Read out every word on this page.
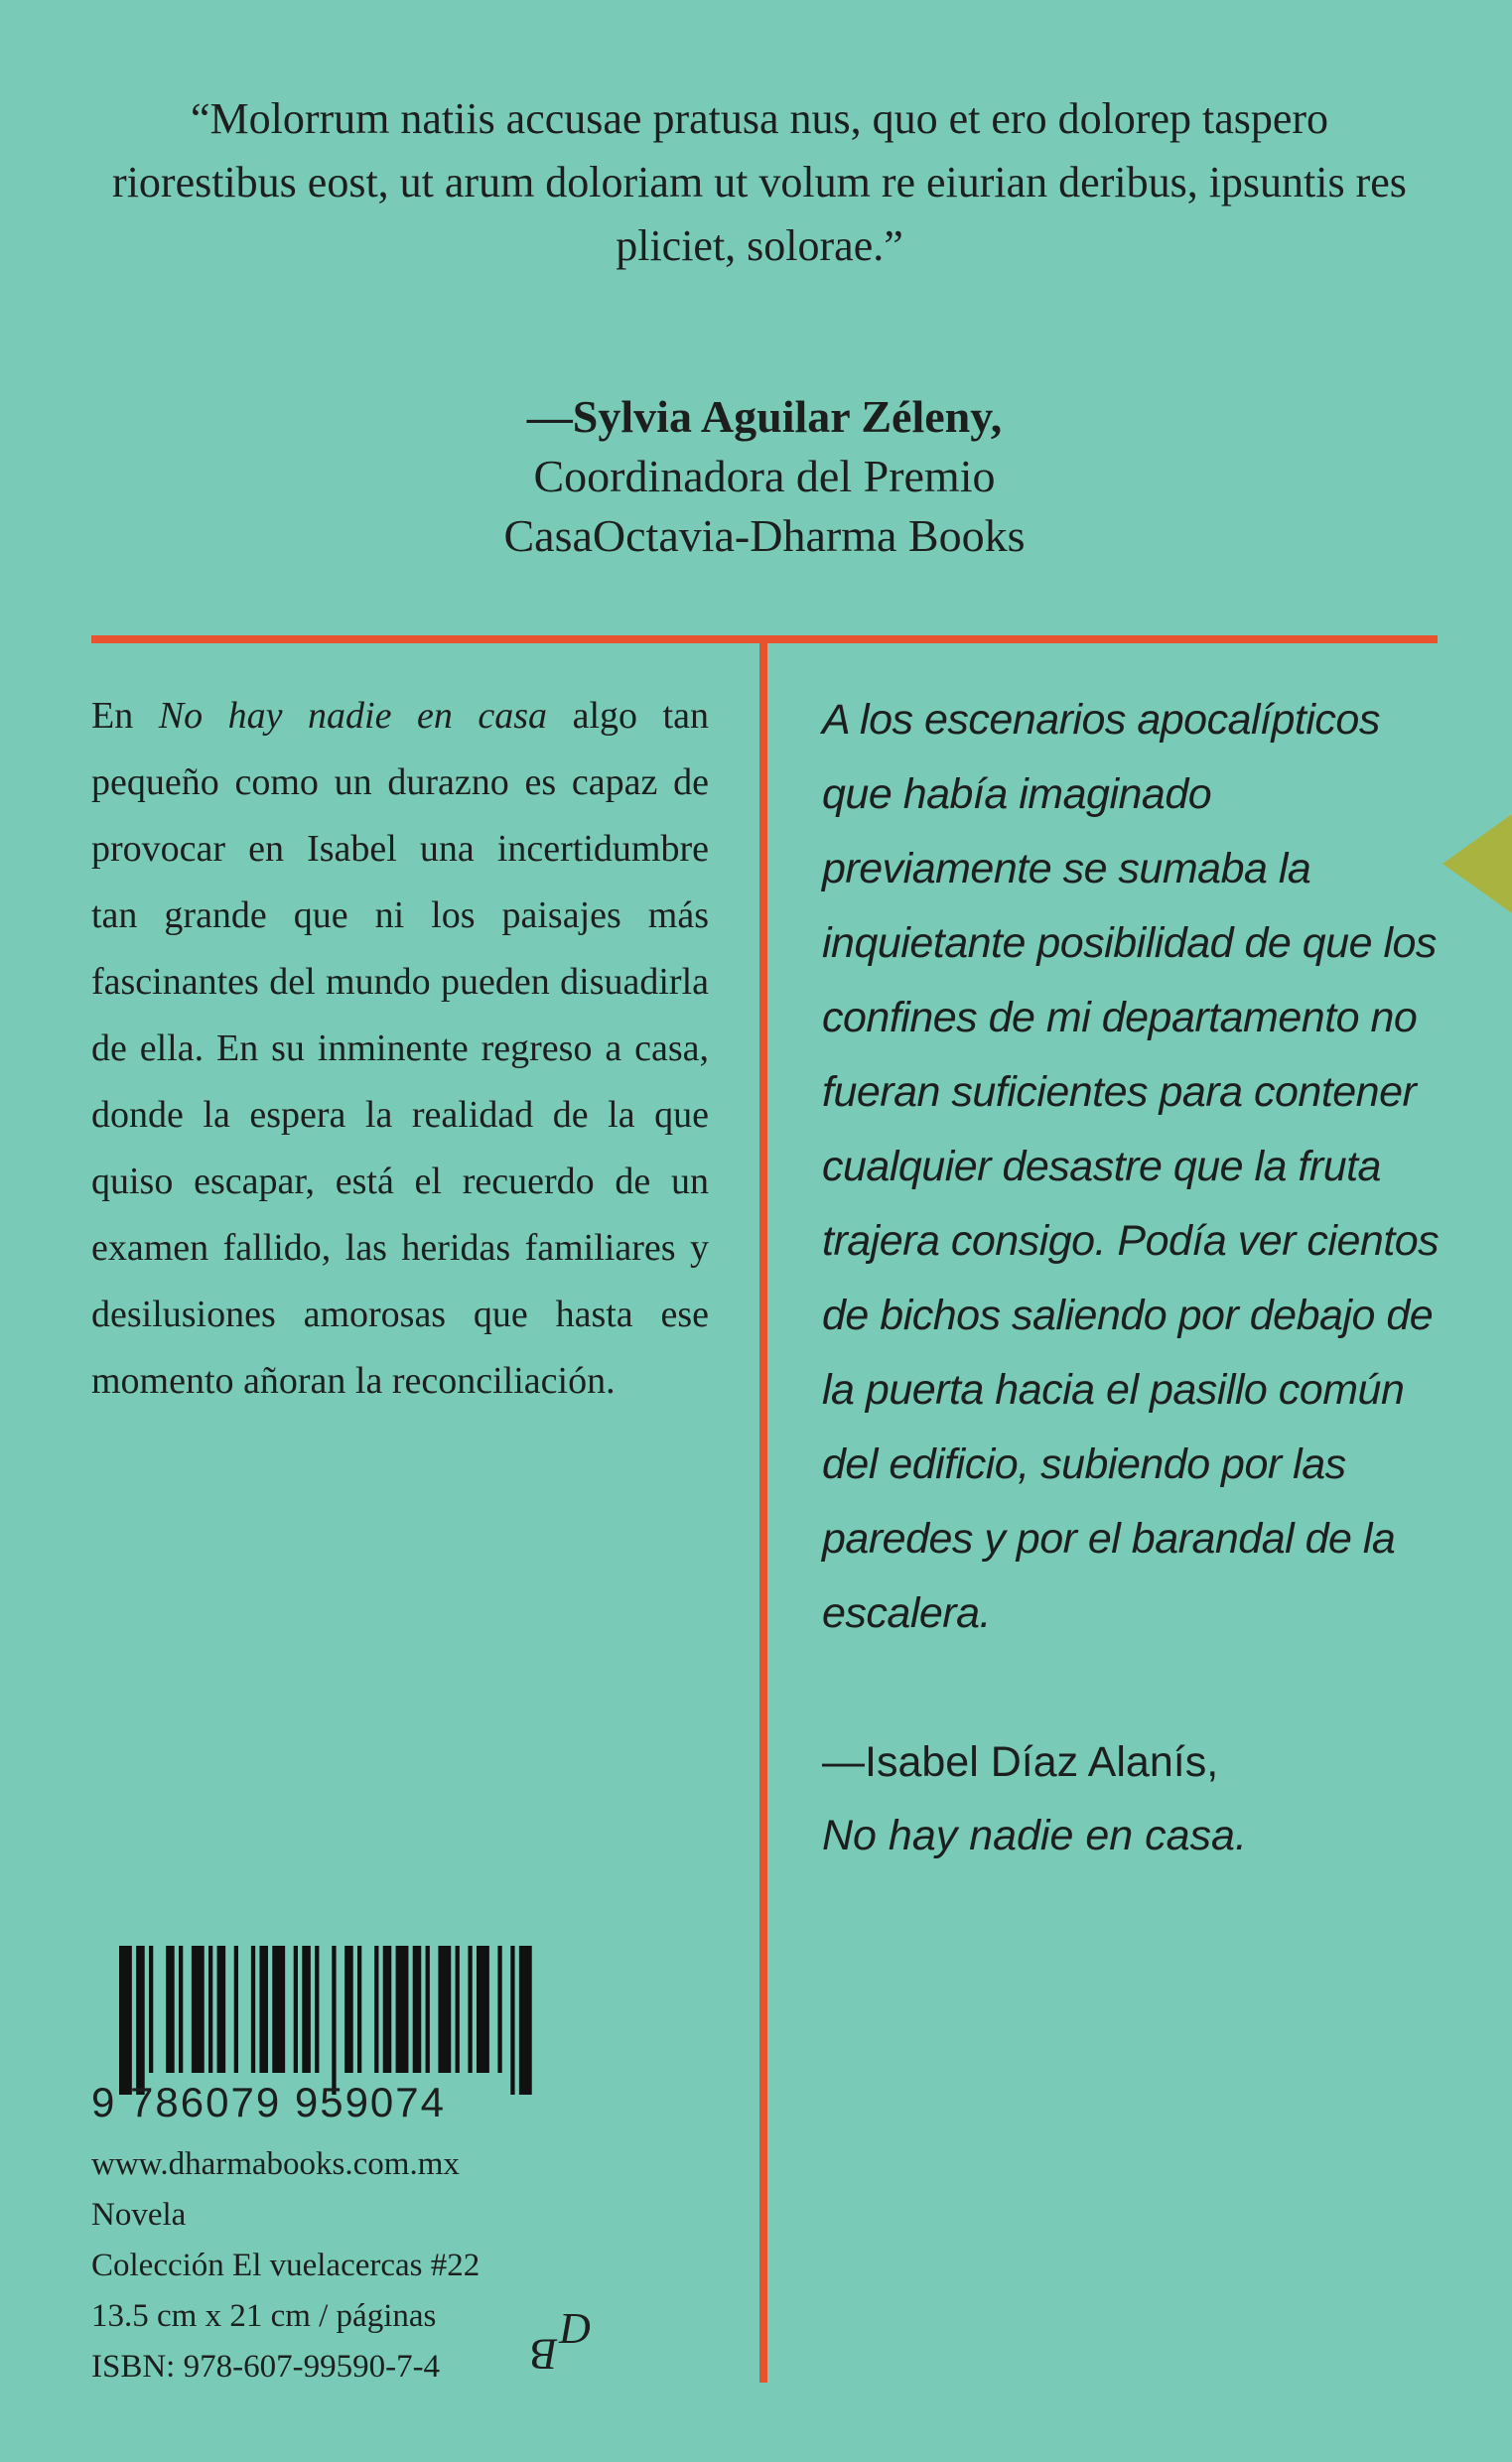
“Molorrum natiis accusae pratusa nus, quo et ero dolorep taspero riorestibus eost, ut arum doloriam ut volum re eiurian deribus, ipsuntis res pliciet, solorae.”

—Sylvia Aguilar Zéleny,
Coordinadora del Premio
CasaOctavia-Dharma Books

En No hay nadie en casa algo tan pequeño como un durazno es capaz de provocar en Isabel una incertidumbre tan grande que ni los paisajes más fascinantes del mundo pueden disuadirla de ella. En su inminente regreso a casa, donde la espera la realidad de la que quiso escapar, está el recuerdo de un examen fallido, las heridas familiares y desilusiones amorosas que hasta ese momento añoran la reconciliación.

A los escenarios apocalípticos que había imaginado previamente se sumaba la inquietante posibilidad de que los confines de mi departamento no fueran suficientes para contener cualquier desastre que la fruta trajera consigo. Podía ver cientos de bichos saliendo por debajo de la puerta hacia el pasillo común del edificio, subiendo por las paredes y por el barandal de la escalera.

—Isabel Díaz Alanís,
No hay nadie en casa.
9 786079 959074
www.dharmabooks.com.mx
Novela
Colección El vuelacercas #22
13.5 cm x 21 cm / páginas
ISBN: 978-607-99590-7-4
D
B
